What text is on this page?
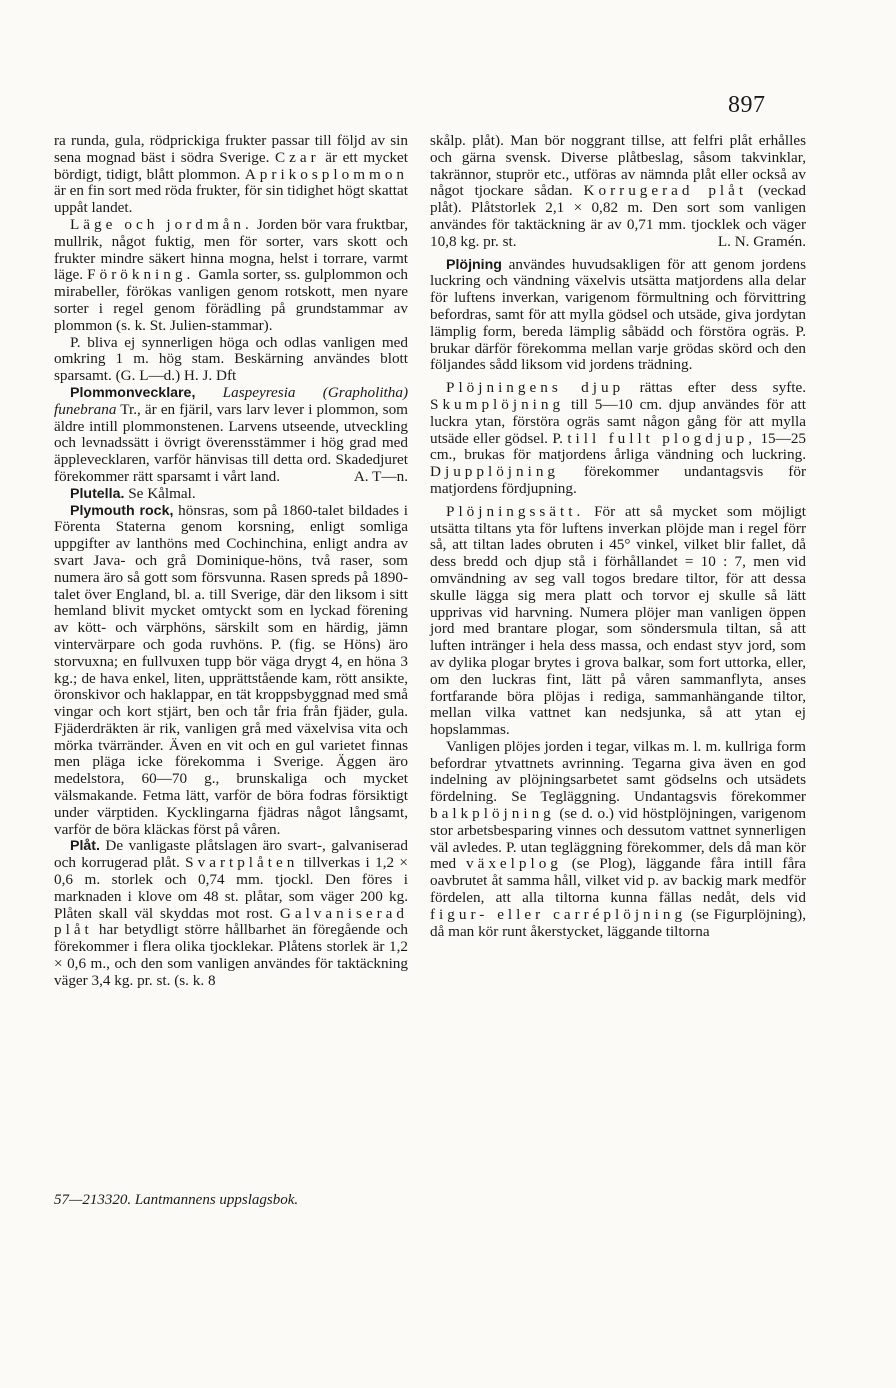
897

ra runda, gula, rödprickiga frukter passar till följd av sin sena mognad bäst i södra Sverige. Czar är ett mycket bördigt, tidigt, blått plommon. Aprikosplommon är en fin sort med röda frukter, för sin tidighet högt skattat uppåt landet.

Läge och jordmån. Jorden bör vara fruktbar, mullrik, något fuktig, men för sorter, vars skott och frukter mindre säkert hinna mogna, helst i torrare, varmt läge. Förökning. Gamla sorter, ss. gulplommon och mirabeller, förökas vanligen genom rotskott, men nyare sorter i regel genom förädling på grundstammar av plommon (s. k. St. Julien-stammar).

P. bliva ej synnerligen höga och odlas vanligen med omkring 1 m. hög stam. Beskärning användes blott sparsamt. (G. L—d.) H. J. Dft

Plommonvecklare, Laspeyresia (Grapholitha) funebrana Tr., är en fjäril, vars larv lever i plommon, som äldre intill plommonstenen. Larvens utseende, utveckling och levnadssätt i övrigt överensstämmer i hög grad med äpplevecklaren, varför hänvisas till detta ord. Skadedjuret förekommer rätt sparsamt i vårt land.	A. T—n.

Plutella. Se Kålmal.

Plymouth rock, hönsras, som på 1860-talet bildades i Förenta Staterna genom korsning, enligt somliga uppgifter av lanthöns med Cochinchina, enligt andra av svart Java- och grå Dominique-höns, två raser, som numera äro så gott som försvunna. Rasen spreds på 1890-talet över England, bl. a. till Sverige, där den liksom i sitt hemland blivit mycket omtyckt som en lyckad förening av kött- och värphöns, särskilt som en härdig, jämn vintervärpare och goda ruvhöns. P. (fig. se Höns) äro storvuxna; en fullvuxen tupp bör väga drygt 4, en höna 3 kg.; de hava enkel, liten, upprättstående kam, rött ansikte, öronskivor och haklappar, en tät kroppsbyggnad med små vingar och kort stjärt, ben och tår fria från fjäder, gula. Fjäderdräkten är rik, vanligen grå med växelvisa vita och mörka tvärränder. Även en vit och en gul varietet finnas men pläga icke förekomma i Sverige. Äggen äro medelstora, 60—70 g., brunskaliga och mycket välsmakande. Fetma lätt, varför de böra fodras försiktigt under värptiden. Kycklingarna fjädras något långsamt, varför de böra kläckas först på våren.

Plåt. De vanligaste plåtslagen äro svart-, galvaniserad och korrugerad plåt. Svartplåten tillverkas i 1,2 × 0,6 m. storlek och 0,74 mm. tjockl. Den föres i marknaden i klove om 48 st. plåtar, som väger 200 kg. Plåten skall väl skyddas mot rost. Galvaniserad plåt har betydligt större hållbarhet än föregående och förekommer i flera olika tjocklekar. Plåtens storlek är 1,2 × 0,6 m., och den som vanligen användes för taktäckning väger 3,4 kg. pr. st. (s. k. 8

skålp. plåt). Man bör noggrant tillse, att felfri plåt erhålles och gärna svensk. Diverse plåtbeslag, såsom takvinklar, takrännor, stuprör etc., utföras av nämnda plåt eller också av något tjockare sådan. Korrugerad plåt (veckad plåt). Plåtstorlek 2,1 × 0,82 m. Den sort som vanligen användes för taktäckning är av 0,71 mm. tjocklek och väger 10,8 kg. pr. st.	L. N. Gramén.

Plöjning användes huvudsakligen för att genom jordens luckring och vändning växelvis utsätta matjordens alla delar för luftens inverkan, varigenom förmultning och förvittring befordras, samt för att mylla gödsel och utsäde, giva jordytan lämplig form, bereda lämplig såbädd och förstöra ogräs. P. brukar därför förekomma mellan varje grödas skörd och den följandes sådd liksom vid jordens trädning.

Plöjningens djup rättas efter dess syfte. Skumplöjning till 5—10 cm. djup användes för att luckra ytan, förstöra ogräs samt någon gång för att mylla utsäde eller gödsel. P. till fullt plogdjup, 15—25 cm., brukas för matjordens årliga vändning och luckring. Djupplöjning förekommer undantagsvis för matjordens fördjupning.

Plöjningssätt. För att så mycket som möjligt utsätta tiltans yta för luftens inverkan plöjde man i regel förr så, att tiltan lades obruten i 45° vinkel, vilket blir fallet, då dess bredd och djup stå i förhållandet = 10 : 7, men vid omvändning av seg vall togos bredare tiltor, för att dessa skulle lägga sig mera platt och torvor ej skulle så lätt upprivas vid harvning. Numera plöjer man vanligen öppen jord med brantare plogar, som söndersmula tiltan, så att luften intränger i hela dess massa, och endast styv jord, som av dylika plogar brytes i grova balkar, som fort uttorka, eller, om den luckras fint, lätt på våren sammanflyta, anses fortfarande böra plöjas i rediga, sammanhängande tiltor, mellan vilka vattnet kan nedsjunka, så att ytan ej hopslammas.

Vanligen plöjes jorden i tegar, vilkas m. l. m. kullriga form befordrar ytvattnets avrinning. Tegarna giva även en god indelning av plöjningsarbetet samt gödselns och utsädets fördelning. Se Tegläggning. Undantagsvis förekommer balkplöjning (se d. o.) vid höstplöjningen, varigenom stor arbetsbesparing vinnes och dessutom vattnet synnerligen väl avledes. P. utan tegläggning förekommer, dels då man kör med växelplog (se Plog), läggande fåra intill fåra oavbrutet åt samma håll, vilket vid p. av backig mark medför fördelen, att alla tiltorna kunna fällas nedåt, dels vid figur- eller carréplöjning (se Figurplöjning), då man kör runt åkerstycket, läggande tiltorna

57—213320. Lantmannens uppslagsbok.
